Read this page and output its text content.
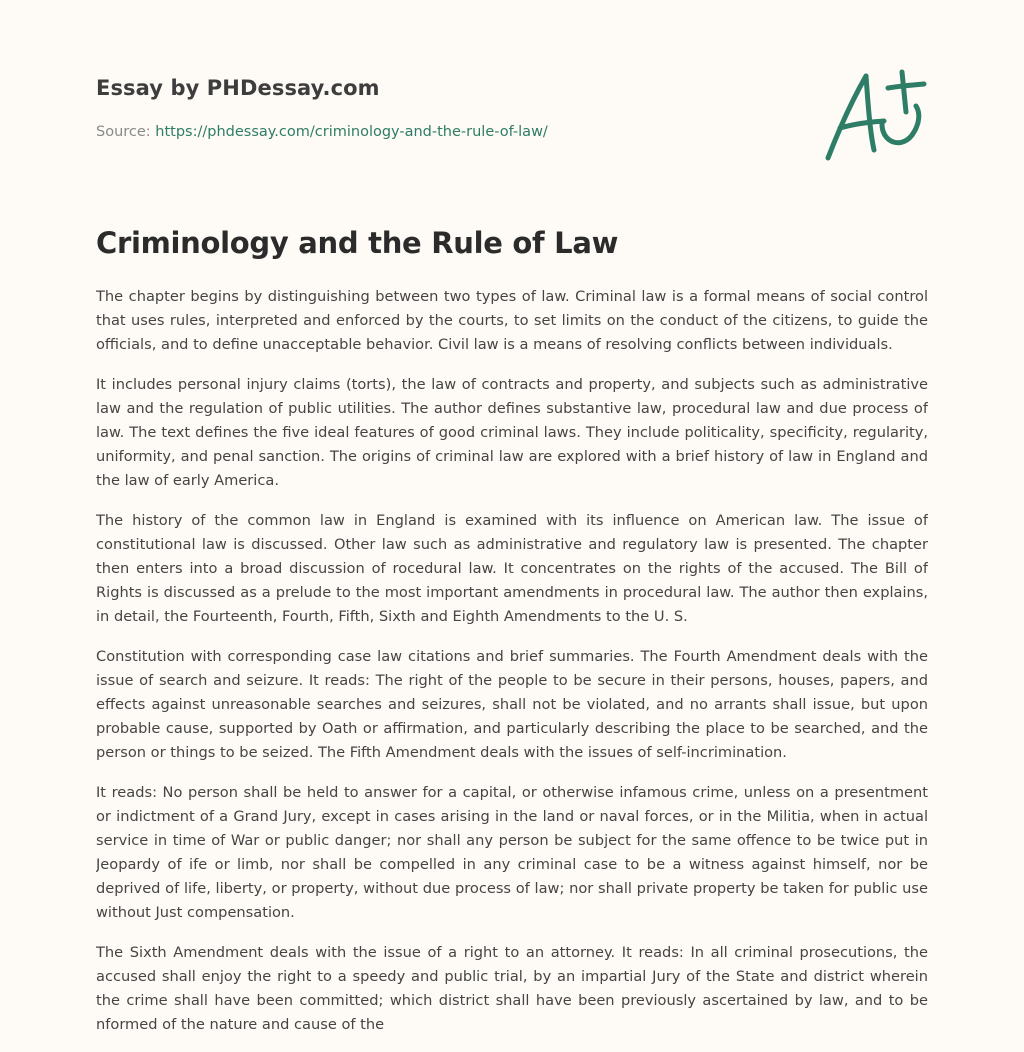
Essay by PHDessay.com
Source: https://phdessay.com/criminology-and-the-rule-of-law/
Criminology and the Rule of Law

The chapter begins by distinguishing between two types of law. Criminal law is a formal means of social control that uses rules, interpreted and enforced by the courts, to set limits on the conduct of the citizens, to guide the officials, and to define unacceptable behavior. Civil law is a means of resolving conflicts between individuals.

It includes personal injury claims (torts), the law of contracts and property, and subjects such as administrative law and the regulation of public utilities. The author defines substantive law, procedural law and due process of law. The text defines the five ideal features of good criminal laws. They include politicality, specificity, regularity, uniformity, and penal sanction. The origins of criminal law are explored with a brief history of law in England and the law of early America.

The history of the common law in England is examined with its influence on American law. The issue of constitutional law is discussed. Other law such as administrative and regulatory law is presented. The chapter then enters into a broad discussion of rocedural law. It concentrates on the rights of the accused. The Bill of Rights is discussed as a prelude to the most important amendments in procedural law. The author then explains, in detail, the Fourteenth, Fourth, Fifth, Sixth and Eighth Amendments to the U. S.

Constitution with corresponding case law citations and brief summaries. The Fourth Amendment deals with the issue of search and seizure. It reads: The right of the people to be secure in their persons, houses, papers, and effects against unreasonable searches and seizures, shall not be violated, and no arrants shall issue, but upon probable cause, supported by Oath or affirmation, and particularly describing the place to be searched, and the person or things to be seized. The Fifth Amendment deals with the issues of self-incrimination.

It reads: No person shall be held to answer for a capital, or otherwise infamous crime, unless on a presentment or indictment of a Grand Jury, except in cases arising in the land or naval forces, or in the Militia, when in actual service in time of War or public danger; nor shall any person be subject for the same offence to be twice put in Jeopardy of ife or limb, nor shall be compelled in any criminal case to be a witness against himself, nor be deprived of life, liberty, or property, without due process of law; nor shall private property be taken for public use without Just compensation.

The Sixth Amendment deals with the issue of a right to an attorney. It reads: In all criminal prosecutions, the accused shall enjoy the right to a speedy and public trial, by an impartial Jury of the State and district wherein the crime shall have been committed; which district shall have been previously ascertained by law, and to be nformed of the nature and cause of the
